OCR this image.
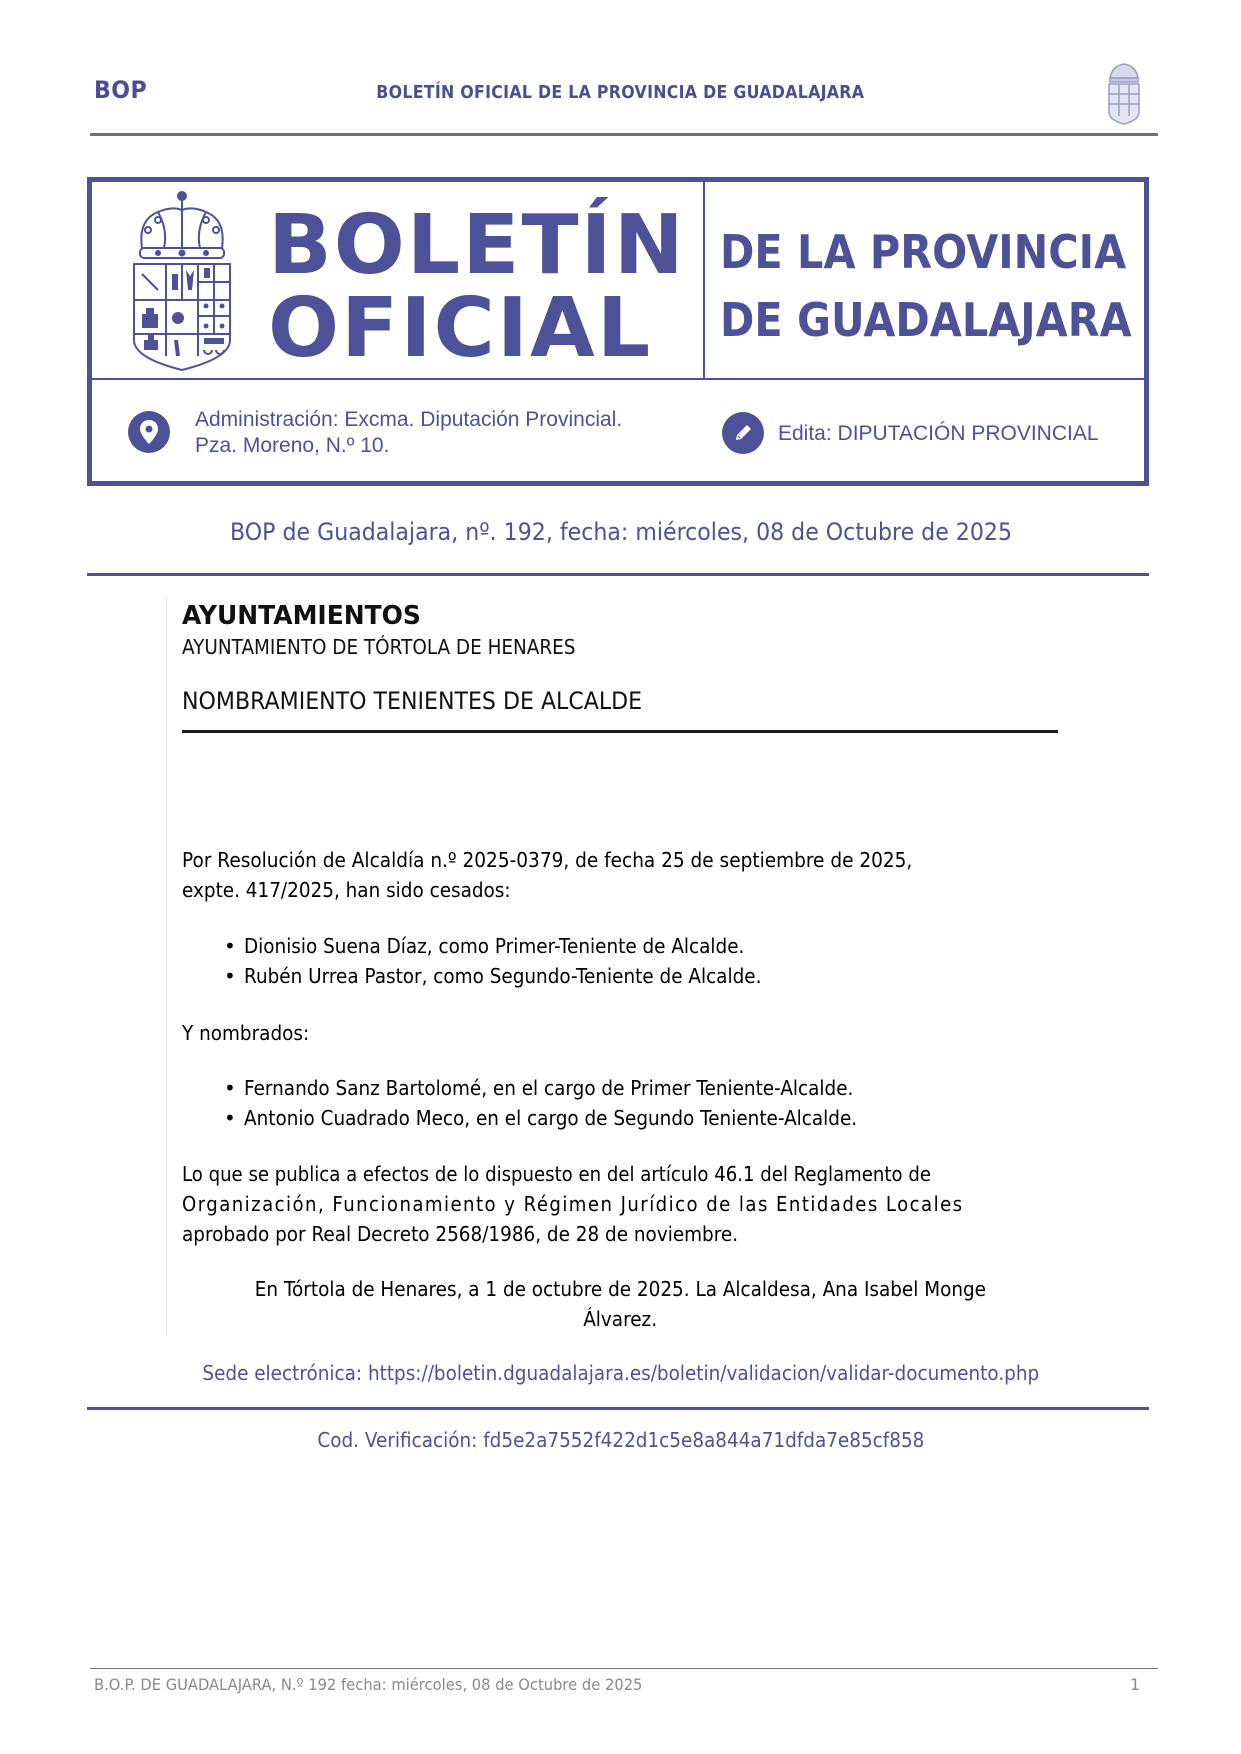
BOP	BOLETÍN OFICIAL DE LA PROVINCIA DE GUADALAJARA
BOLETÍN
OFICIAL
DE LA PROVINCIA
DE GUADALAJARA
Administración: Excma. Diputación Provincial.
Pza. Moreno, N.º 10.
Edita: DIPUTACIÓN PROVINCIAL
BOP de Guadalajara, nº. 192, fecha: miércoles, 08 de Octubre de 2025
AYUNTAMIENTOS
AYUNTAMIENTO DE TÓRTOLA DE HENARES
NOMBRAMIENTO TENIENTES DE ALCALDE
Por Resolución de Alcaldía n.º 2025-0379, de fecha 25 de septiembre de 2025,
expte. 417/2025, han sido cesados:
• Dionisio Suena Díaz, como Primer-Teniente de Alcalde.
• Rubén Urrea Pastor, como Segundo-Teniente de Alcalde.
Y nombrados:
• Fernando Sanz Bartolomé, en el cargo de Primer Teniente-Alcalde.
• Antonio Cuadrado Meco, en el cargo de Segundo Teniente-Alcalde.
Lo que se publica a efectos de lo dispuesto en del artículo 46.1 del Reglamento de
Organización, Funcionamiento y Régimen Jurídico de las Entidades Locales
aprobado por Real Decreto 2568/1986, de 28 de noviembre.
En Tórtola de Henares, a 1 de octubre de 2025. La Alcaldesa, Ana Isabel Monge
Álvarez.
Sede electrónica: https://boletin.dguadalajara.es/boletin/validacion/validar-documento.php
Cod. Verificación: fd5e2a7552f422d1c5e8a844a71dfda7e85cf858
B.O.P. DE GUADALAJARA, N.º 192 fecha: miércoles, 08 de Octubre de 2025	1
